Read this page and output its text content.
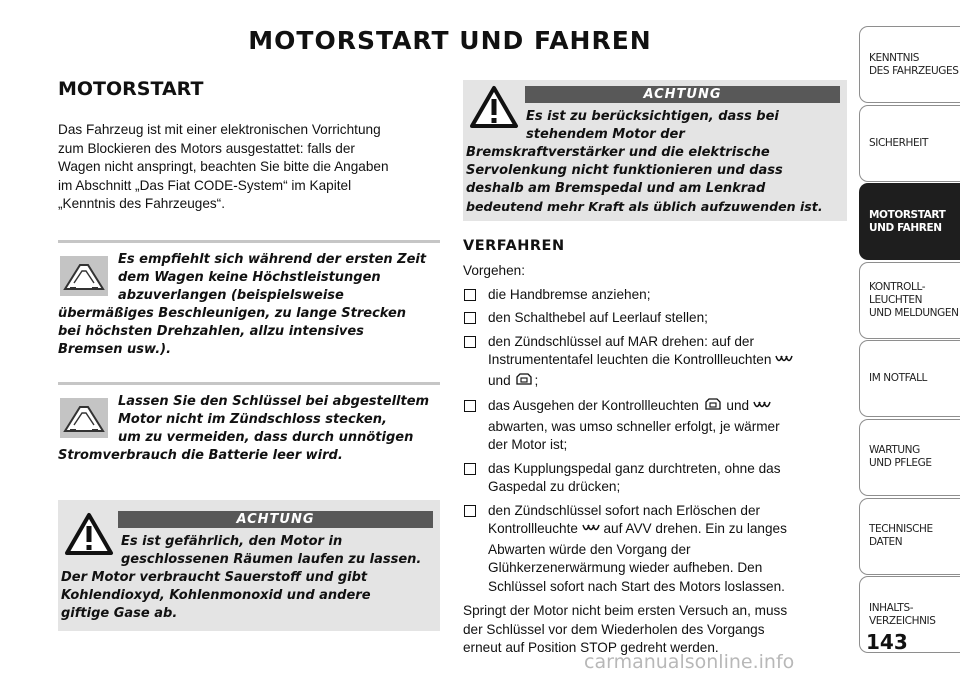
MOTORSTART UND FAHREN
MOTORSTART
Das Fahrzeug ist mit einer elektronischen Vorrichtung
zum Blockieren des Motors ausgestattet: falls der
Wagen nicht anspringt, beachten Sie bitte die Angaben
im Abschnitt „Das Fiat CODE-System“ im Kapitel
„Kenntnis des Fahrzeuges“.
Es empfiehlt sich während der ersten Zeit
dem Wagen keine Höchstleistungen
abzuverlangen (beispielsweise
übermäßiges Beschleunigen, zu lange Strecken
bei höchsten Drehzahlen, allzu intensives
Bremsen usw.).
Lassen Sie den Schlüssel bei abgestelltem
Motor nicht im Zündschloss stecken,
um zu vermeiden, dass durch unnötigen
Stromverbrauch die Batterie leer wird.
ACHTUNG
Es ist gefährlich, den Motor in
geschlossenen Räumen laufen zu lassen.
Der Motor verbraucht Sauerstoff und gibt
Kohlendioxyd, Kohlenmonoxid und andere
giftige Gase ab.
ACHTUNG
Es ist zu berücksichtigen, dass bei
stehendem Motor der
Bremskraftverstärker und die elektrische
Servolenkung nicht funktionieren und dass
deshalb am Bremspedal und am Lenkrad
bedeutend mehr Kraft als üblich aufzuwenden ist.
VERFAHREN
Vorgehen:
die Handbremse anziehen;
den Schalthebel auf Leerlauf stellen;
den Zündschlüssel auf MAR drehen: auf der
Instrumententafel leuchten die Kontrollleuchten
und ;
das Ausgehen der Kontrollleuchten und
abwarten, was umso schneller erfolgt, je wärmer
der Motor ist;
das Kupplungspedal ganz durchtreten, ohne das
Gaspedal zu drücken;
den Zündschlüssel sofort nach Erlöschen der
Kontrollleuchte auf AVV drehen. Ein zu langes
Abwarten würde den Vorgang der
Glühkerzenerwärmung wieder aufheben. Den
Schlüssel sofort nach Start des Motors loslassen.
Springt der Motor nicht beim ersten Versuch an, muss
der Schlüssel vor dem Wiederholen des Vorgangs
erneut auf Position STOP gedreht werden.
KENNTNIS
DES FAHRZEUGES
SICHERHEIT
MOTORSTART
UND FAHREN
KONTROLL-
LEUCHTEN
UND MELDUNGEN
IM NOTFALL
WARTUNG
UND PFLEGE
TECHNISCHE
DATEN
INHALTS-
VERZEICHNIS
143
carmanualsonline.info
